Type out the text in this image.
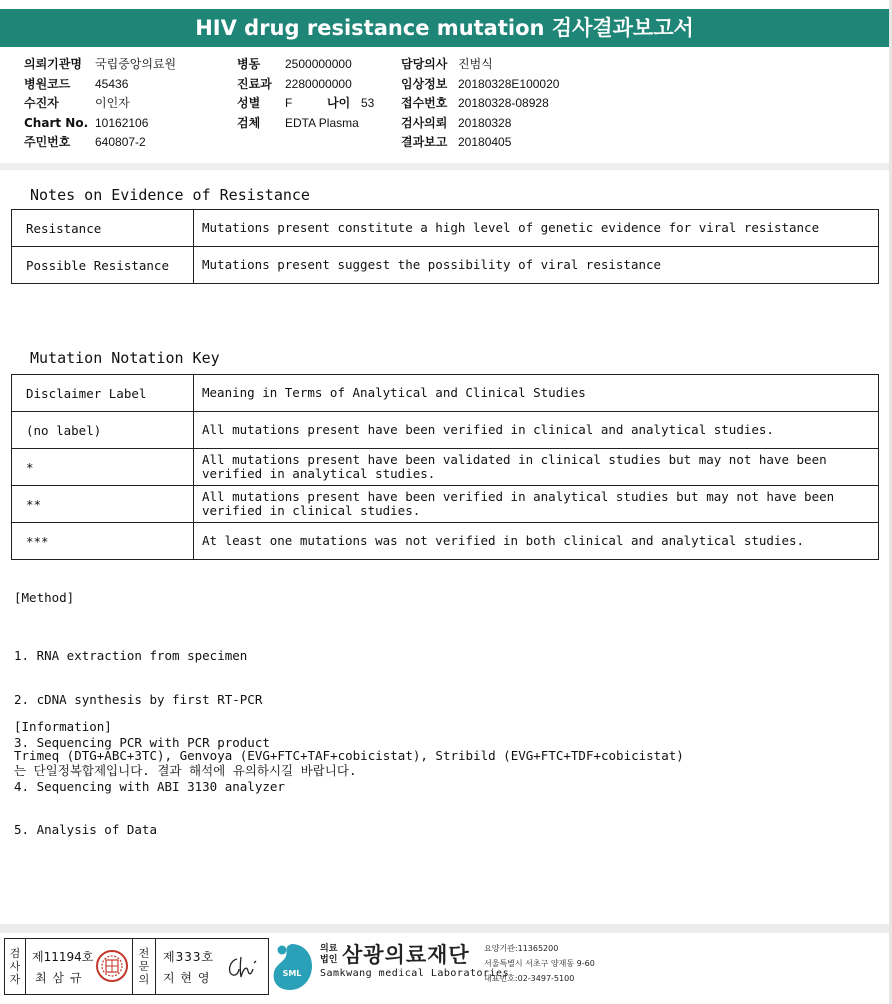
HIV drug resistance mutation 검사결과보고서
의뢰기관명 국립중앙의료원
병원코드 45436
수진자	이인자
Chart No. 10162106
주민번호 640807-2
병동 2500000000
진료과 2280000000
성별 F	나이 53
검체 EDTA Plasma
담당의사 진범식
임상정보 20180328E100020
접수번호 20180328-08928
검사의뢰 20180328
결과보고 20180405
Notes on Evidence of Resistance
Resistance	Mutations present constitute a high level of genetic evidence for viral resistance
Possible Resistance	Mutations present suggest the possibility of viral resistance
Mutation Notation Key
Disclaimer Label	Meaning in Terms of Analytical and Clinical Studies
(no label)	All mutations present have been verified in clinical and analytical studies.
*	All mutations present have been validated in clinical studies but may not have been verified in analytical studies.
**	All mutations present have been verified in analytical studies but may not have been verified in clinical studies.
***	At least one mutations was not verified in both clinical and analytical studies.
[Method]

1. RNA extraction from specimen

2. cDNA synthesis by first RT-PCR

3. Sequencing PCR with PCR product

4. Sequencing with ABI 3130 analyzer

5. Analysis of Data

[Information]
Trimeq (DTG+ABC+3TC), Genvoya (EVG+FTC+TAF+cobicistat), Stribild (EVG+FTC+TDF+cobicistat)
는 단일정복합제입니다. 결과 해석에 유의하시길 바랍니다.
검사자
제11194호
최 삼 규
전문의
제333호
지 현 영	SML
의료
법인 삼광의료재단
Samkwang medical Laboratories
요양기관:11365200
서울특별시 서초구 양재동 9-60
대표번호:02-3497-5100
